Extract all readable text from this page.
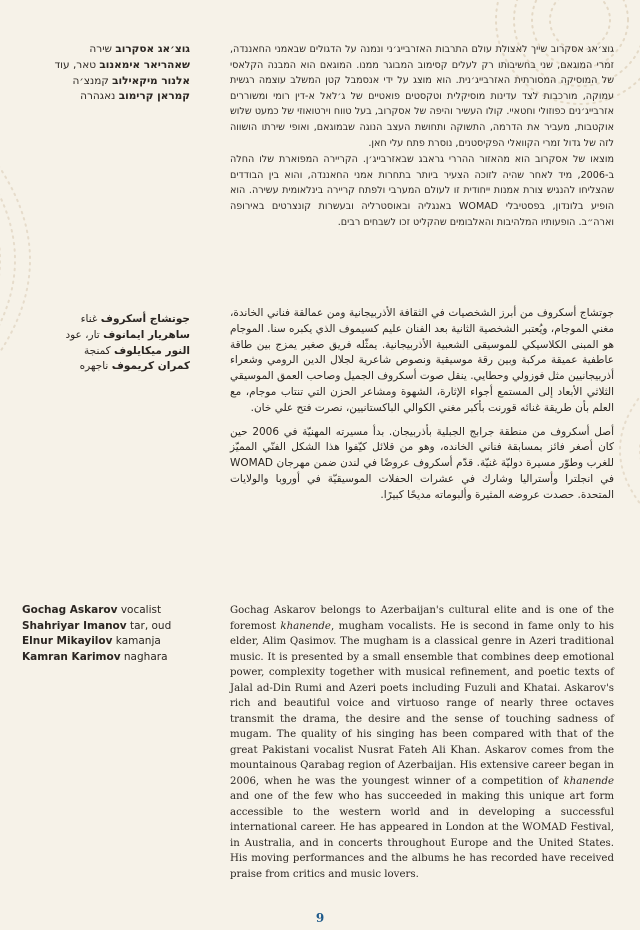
גוצ׳אג אסקרוב שירה
שאהריאר אימאנוב טאר, עוד
אלנור מיקאילוב קמנצ׳ה
קמראן קרימוב נאגהרה
جوتشاج أسكروف غناء
ساهريار ايمانوف تار، عود
النور ميكايلوف كمنجة
كمران كريموف ناجهره
Gochag Askarov vocalist
Shahriyar Imanov tar, oud
Elnur Mikayilov kamanja
Kamran Karimov naghara

גוצ׳אג אסקרוב שייך לאצולת עולם התרבות האזרבייג׳ני ונמנה על הדגולים שבאמני החאננדה, זמרי המוגאם, שני בחשיבותו רק לעלים קסימוב המבוגר ממנו. המוגאם הוא המבנה הקלאסי של המוסיקה המסורתית האזרבייג׳נית. הוא מוצג על ידי אנסמבל קטן המשלב עוצמה רגשית עמוקה, מורכבות לצד עדינות מוסיקלית וטקסטים פואטיים של ג׳לאל א-דין רומי ומשוררים אזרבייג׳נים כפוזולי וחטאיי. קולו העשיר והיפה של אסקרוב, בעל טווח וירטואוזי של כמעט שלוש אוקטבות, מעביר את הדרמה, התשוקה ותחושת העצב הנוגה שבמוגאם, ואופי שירתו הושווה לזה של גדול זמרי הקוואלי הפקיסטנים, נוסרת פתח עלי חאן.

מוצאו של אסקרוב הוא מהאזור ההררי גראבג שבאזרבייג׳ן. הקריירה המפוארת שלו החלה ב-2006, מיד לאחר שהיה לזוכה הצעיר ביותר בתחרות אמני החאננדה, והוא בין הבודדים שהצליחו להנגיש צורת אמנות ייחודית זו לעולם המערבי ולפתח קריירה בינלאומית עשירה. הוא הופיע בלונדון, בפסטיבלי WOMAD באנגליה ובאוסטרליה ובעשרות קונצרטים באירופה וארה״ב. הופעותיו המלהיבות והאלבומים שהקליט זכו לשבחים רבים.

جوتشاج أسكروف من أبرز الشخصيات في الثقافة الأذربيجانية ومن عمالقة فناني الخاندة، مغني الموجام، ويُعتبر الشخصية الثانية بعد الفنان عليم كسيموف الذي يكبره سنا. الموجام هو المبنى الكلاسيكي للموسيقى الشعبية الأذربيجانية. يمثّله فريق صغير يمزج بين طاقة عاطفية عميقة مركبة وبين رقة موسيقية ونصوص شاعرية لجلال الدين الرومي وشعراء أذربيجانيين مثل فوزولي وحطايي. ينقل صوت أسكروف الجميل وصاحب العمق الموسيقي الثلاثي الأبعاد إلى المستمع أجواء الإثارة، الشهوة ومشاعر الحزن التي تنتاب موجام، مع العلم بأن طريقة غنائه قورنت بأكبر مغني الكوالي الباكستانيين، نصرت فتح علي خان.

أصل أسكروف من منطقة جرابج الجبلية بأذربيجان. بدأ مسيرته المهنيّة في 2006 حين كان أصغر فائز بمسابقة فناني الخانده، وهو من قلائل كيّفوا هذا الشكل الفنّي المميّز للغرب وطوّر مسيرة دوليّة غنيّة. قدّم أسكروف عروضًا في لندن ضمن مهرجان WOMAD في انجلترا وأستراليا وشارك في عشرات الحفلات الموسيقيّة في أوروبا والولايات المتحدة. حصدت عروضه المثيرة وألبوماته مديحًا كبيرًا.

Gochag Askarov belongs to Azerbaijan's cultural elite and is one of the foremost khanende, mugham vocalists. He is second in fame only to his elder, Alim Qasimov. The mugham is a classical genre in Azeri traditional music. It is presented by a small ensemble that combines deep emotional power, complexity together with musical refinement, and poetic texts of Jalal ad-Din Rumi and Azeri poets including Fuzuli and Khatai. Askarov's rich and beautiful voice and virtuoso range of nearly three octaves transmit the drama, the desire and the sense of touching sadness of mugam. The quality of his singing has been compared with that of the great Pakistani vocalist Nusrat Fateh Ali Khan. Askarov comes from the mountainous Qarabag region of Azerbaijan. His extensive career began in 2006, when he was the youngest winner of a competition of khanende and one of the few who has succeeded in making this unique art form accessible to the western world and in developing a successful international career. He has appeared in London at the WOMAD Festival, in Australia, and in concerts throughout Europe and the United States. His moving performances and the albums he has recorded have received praise from critics and music lovers.

9
